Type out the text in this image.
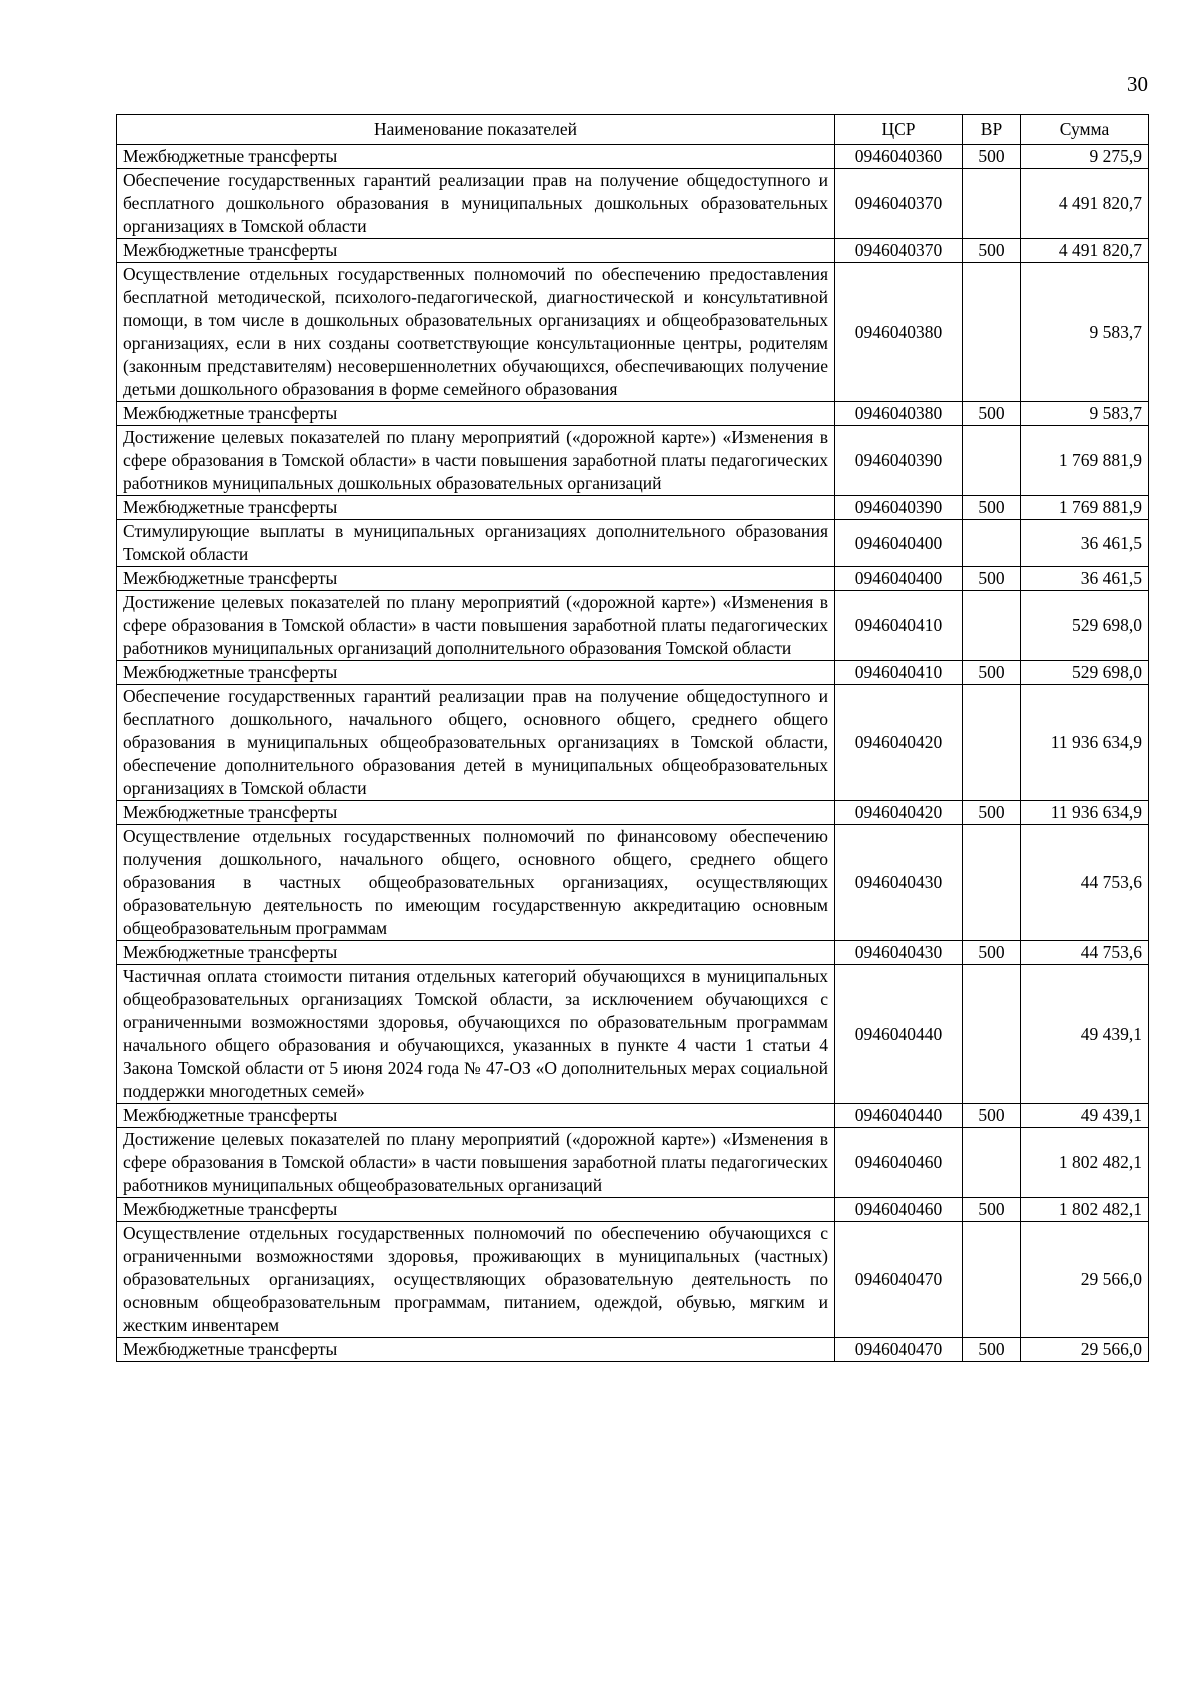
30
Наименование показателей	ЦСР	ВР	Сумма
Межбюджетные трансферты	0946040360	500	9 275,9
Обеспечение государственных гарантий реализации прав на получение общедоступного и бесплатного дошкольного образования в муниципальных дошкольных образовательных организациях в Томской области	0946040370		4 491 820,7
Межбюджетные трансферты	0946040370	500	4 491 820,7
Осуществление отдельных государственных полномочий по обеспечению предоставления бесплатной методической, психолого-педагогической, диагностической и консультативной помощи, в том числе в дошкольных образовательных организациях и общеобразовательных организациях, если в них созданы соответствующие консультационные центры, родителям (законным представителям) несовершеннолетних обучающихся, обеспечивающих получение детьми дошкольного образования в форме семейного образования	0946040380		9 583,7
Межбюджетные трансферты	0946040380	500	9 583,7
Достижение целевых показателей по плану мероприятий («дорожной карте») «Изменения в сфере образования в Томской области» в части повышения заработной платы педагогических работников муниципальных дошкольных образовательных организаций	0946040390		1 769 881,9
Межбюджетные трансферты	0946040390	500	1 769 881,9
Стимулирующие выплаты в муниципальных организациях дополнительного образования Томской области	0946040400		36 461,5
Межбюджетные трансферты	0946040400	500	36 461,5
Достижение целевых показателей по плану мероприятий («дорожной карте») «Изменения в сфере образования в Томской области» в части повышения заработной платы педагогических работников муниципальных организаций дополнительного образования Томской области	0946040410		529 698,0
Межбюджетные трансферты	0946040410	500	529 698,0
Обеспечение государственных гарантий реализации прав на получение общедоступного и бесплатного дошкольного, начального общего, основного общего, среднего общего образования в муниципальных общеобразовательных организациях в Томской области, обеспечение дополнительного образования детей в муниципальных общеобразовательных организациях в Томской области	0946040420		11 936 634,9
Межбюджетные трансферты	0946040420	500	11 936 634,9
Осуществление отдельных государственных полномочий по финансовому обеспечению получения дошкольного, начального общего, основного общего, среднего общего образования в частных общеобразовательных организациях, осуществляющих образовательную деятельность по имеющим государственную аккредитацию основным общеобразовательным программам	0946040430		44 753,6
Межбюджетные трансферты	0946040430	500	44 753,6
Частичная оплата стоимости питания отдельных категорий обучающихся в муниципальных общеобразовательных организациях Томской области, за исключением обучающихся с ограниченными возможностями здоровья, обучающихся по образовательным программам начального общего образования и обучающихся, указанных в пункте 4 части 1 статьи 4 Закона Томской области от 5 июня 2024 года № 47-ОЗ «О дополнительных мерах социальной поддержки многодетных семей»	0946040440		49 439,1
Межбюджетные трансферты	0946040440	500	49 439,1
Достижение целевых показателей по плану мероприятий («дорожной карте») «Изменения в сфере образования в Томской области» в части повышения заработной платы педагогических работников муниципальных общеобразовательных организаций	0946040460		1 802 482,1
Межбюджетные трансферты	0946040460	500	1 802 482,1
Осуществление отдельных государственных полномочий по обеспечению обучающихся с ограниченными возможностями здоровья, проживающих в муниципальных (частных) образовательных организациях, осуществляющих образовательную деятельность по основным общеобразовательным программам, питанием, одеждой, обувью, мягким и жестким инвентарем	0946040470		29 566,0
Межбюджетные трансферты	0946040470	500	29 566,0
